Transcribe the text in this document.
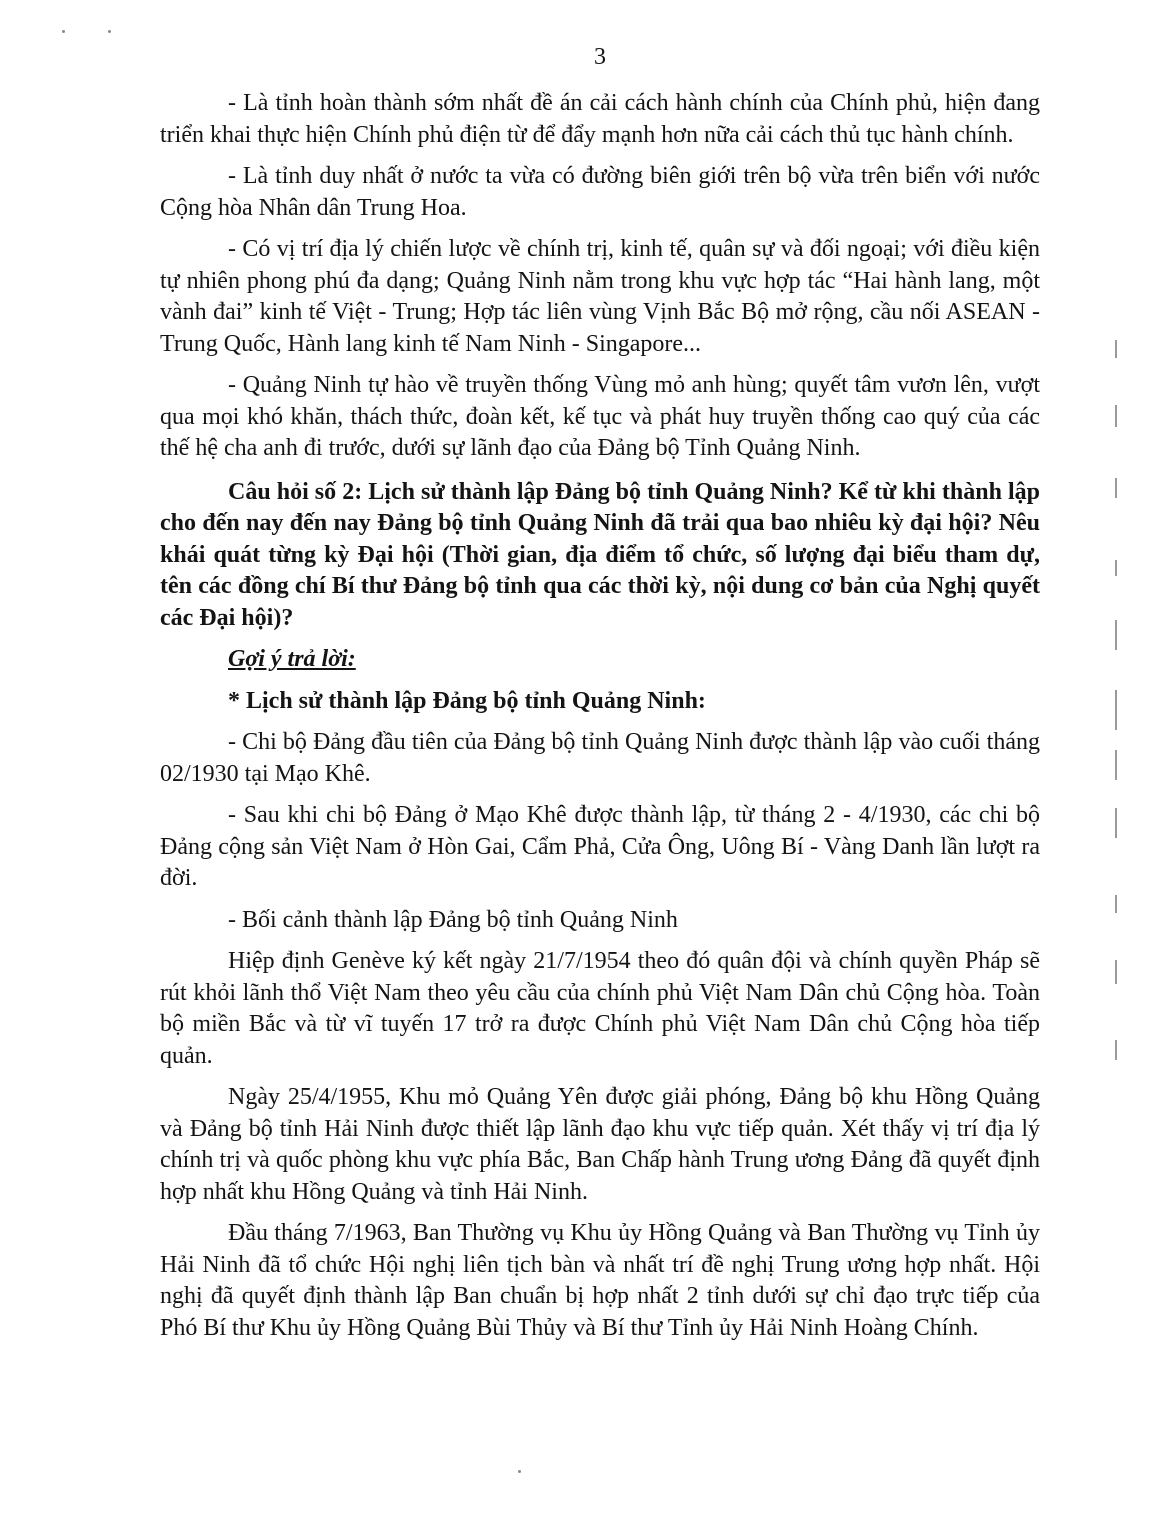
3

- Là tỉnh hoàn thành sớm nhất đề án cải cách hành chính của Chính phủ, hiện đang triển khai thực hiện Chính phủ điện từ để đẩy mạnh hơn nữa cải cách thủ tục hành chính.

- Là tỉnh duy nhất ở nước ta vừa có đường biên giới trên bộ vừa trên biển với nước Cộng hòa Nhân dân Trung Hoa.

- Có vị trí địa lý chiến lược về chính trị, kinh tế, quân sự và đối ngoại; với điều kiện tự nhiên phong phú đa dạng; Quảng Ninh nằm trong khu vực hợp tác “Hai hành lang, một vành đai” kinh tế Việt - Trung; Hợp tác liên vùng Vịnh Bắc Bộ mở rộng, cầu nối ASEAN - Trung Quốc, Hành lang kinh tế Nam Ninh - Singapore...

- Quảng Ninh tự hào về truyền thống Vùng mỏ anh hùng; quyết tâm vươn lên, vượt qua mọi khó khăn, thách thức, đoàn kết, kế tục và phát huy truyền thống cao quý của các thế hệ cha anh đi trước, dưới sự lãnh đạo của Đảng bộ Tỉnh Quảng Ninh.

Câu hỏi số 2: Lịch sử thành lập Đảng bộ tỉnh Quảng Ninh? Kể từ khi thành lập cho đến nay đến nay Đảng bộ tỉnh Quảng Ninh đã trải qua bao nhiêu kỳ đại hội? Nêu khái quát từng kỳ Đại hội (Thời gian, địa điểm tổ chức, số lượng đại biểu tham dự, tên các đồng chí Bí thư Đảng bộ tỉnh qua các thời kỳ, nội dung cơ bản của Nghị quyết các Đại hội)?

Gợi ý trả lời:

* Lịch sử thành lập Đảng bộ tỉnh Quảng Ninh:

- Chi bộ Đảng đầu tiên của Đảng bộ tỉnh Quảng Ninh được thành lập vào cuối tháng 02/1930 tại Mạo Khê.

- Sau khi chi bộ Đảng ở Mạo Khê được thành lập, từ tháng 2 - 4/1930, các chi bộ Đảng cộng sản Việt Nam ở Hòn Gai, Cẩm Phả, Cửa Ông, Uông Bí - Vàng Danh lần lượt ra đời.

- Bối cảnh thành lập Đảng bộ tỉnh Quảng Ninh

Hiệp định Genève ký kết ngày 21/7/1954 theo đó quân đội và chính quyền Pháp sẽ rút khỏi lãnh thổ Việt Nam theo yêu cầu của chính phủ Việt Nam Dân chủ Cộng hòa. Toàn bộ miền Bắc và từ vĩ tuyến 17 trở ra được Chính phủ Việt Nam Dân chủ Cộng hòa tiếp quản.

Ngày 25/4/1955, Khu mỏ Quảng Yên được giải phóng, Đảng bộ khu Hồng Quảng và Đảng bộ tỉnh Hải Ninh được thiết lập lãnh đạo khu vực tiếp quản. Xét thấy vị trí địa lý chính trị và quốc phòng khu vực phía Bắc, Ban Chấp hành Trung ương Đảng đã quyết định hợp nhất khu Hồng Quảng và tỉnh Hải Ninh.

Đầu tháng 7/1963, Ban Thường vụ Khu ủy Hồng Quảng và Ban Thường vụ Tỉnh ủy Hải Ninh đã tổ chức Hội nghị liên tịch bàn và nhất trí đề nghị Trung ương hợp nhất. Hội nghị đã quyết định thành lập Ban chuẩn bị hợp nhất 2 tỉnh dưới sự chỉ đạo trực tiếp của Phó Bí thư Khu ủy Hồng Quảng Bùi Thủy và Bí thư Tỉnh ủy Hải Ninh Hoàng Chính.
